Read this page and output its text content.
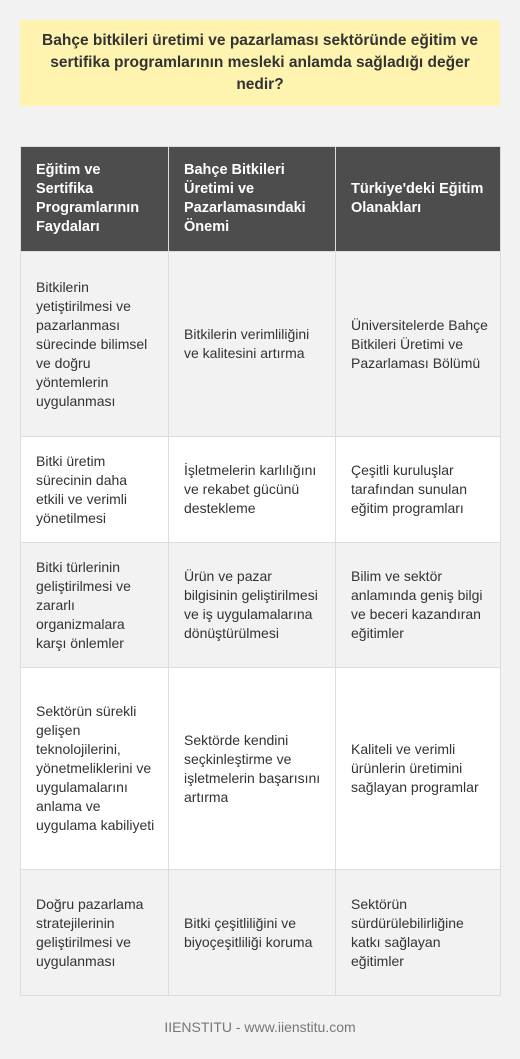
Bahçe bitkileri üretimi ve pazarlaması sektöründe eğitim ve sertifika programlarının mesleki anlamda sağladığı değer nedir?
Eğitim ve Sertifika Programlarının Faydaları	Bahçe Bitkileri Üretimi ve Pazarlamasındaki Önemi	Türkiye'deki Eğitim Olanakları
Bitkilerin yetiştirilmesi ve pazarlanması sürecinde bilimsel ve doğru yöntemlerin uygulanması	Bitkilerin verimliliğini ve kalitesini artırma	Üniversitelerde Bahçe Bitkileri Üretimi ve Pazarlaması Bölümü
Bitki üretim sürecinin daha etkili ve verimli yönetilmesi	İşletmelerin karlılığını ve rekabet gücünü destekleme	Çeşitli kuruluşlar tarafından sunulan eğitim programları
Bitki türlerinin geliştirilmesi ve zararlı organizmalara karşı önlemler	Ürün ve pazar bilgisinin geliştirilmesi ve iş uygulamalarına dönüştürülmesi	Bilim ve sektör anlamında geniş bilgi ve beceri kazandıran eğitimler
Sektörün sürekli gelişen teknolojilerini, yönetmeliklerini ve uygulamalarını anlama ve uygulama kabiliyeti	Sektörde kendini seçkinleştirme ve işletmelerin başarısını artırma	Kaliteli ve verimli ürünlerin üretimini sağlayan programlar
Doğru pazarlama stratejilerinin geliştirilmesi ve uygulanması	Bitki çeşitliliğini ve biyoçeşitliliği koruma	Sektörün sürdürülebilirliğine katkı sağlayan eğitimler
IIENSTITU - www.iienstitu.com
